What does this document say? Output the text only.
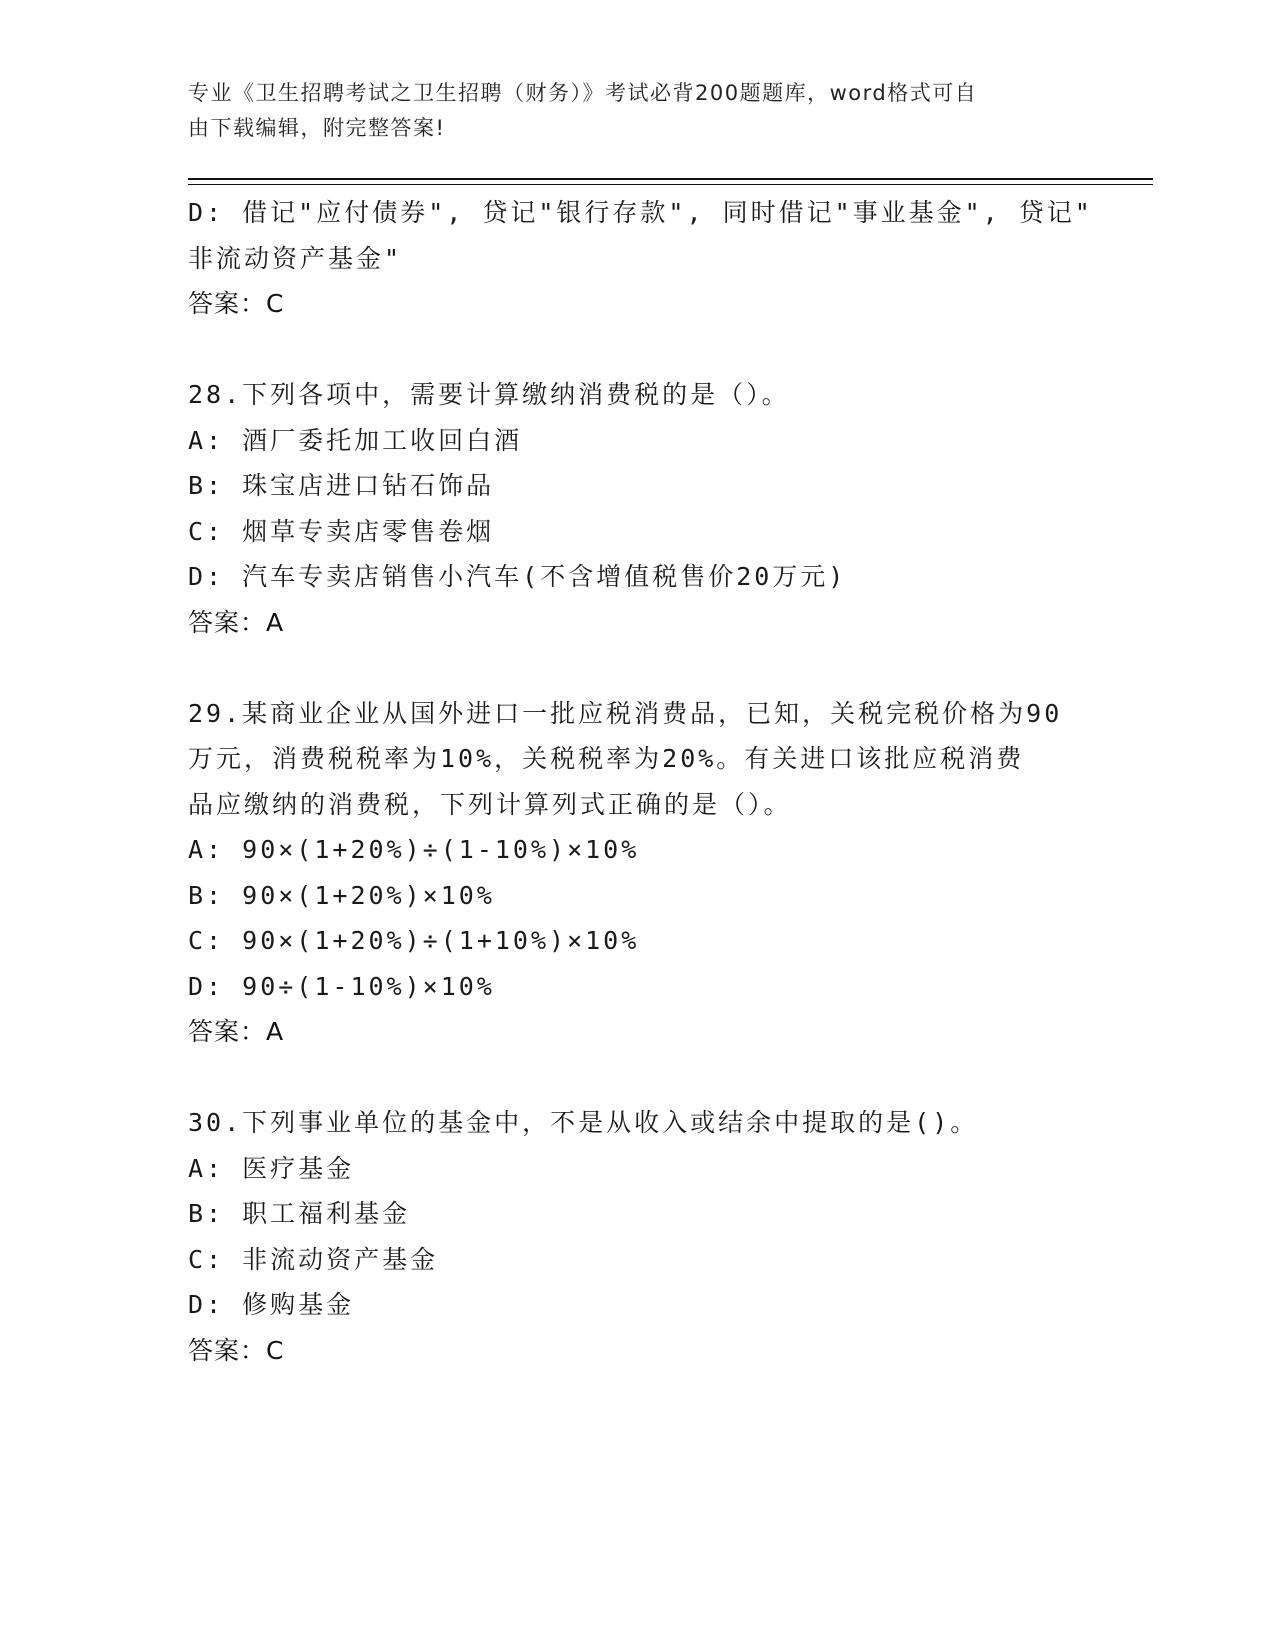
专业《卫生招聘考试之卫生招聘（财务）》考试必背200题题库，word格式可自
由下载编辑，附完整答案!
D: 借记"应付债券", 贷记"银行存款", 同时借记"事业基金", 贷记"
非流动资产基金"
答案：C
28.下列各项中，需要计算缴纳消费税的是（）。
A: 酒厂委托加工收回白酒
B: 珠宝店进口钻石饰品
C: 烟草专卖店零售卷烟
D: 汽车专卖店销售小汽车(不含增值税售价20万元)
答案：A
29.某商业企业从国外进口一批应税消费品，已知，关税完税价格为90
万元，消费税税率为10%，关税税率为20%。有关进口该批应税消费
品应缴纳的消费税，下列计算列式正确的是（）。
A: 90×(1+20%)÷(1-10%)×10%
B: 90×(1+20%)×10%
C: 90×(1+20%)÷(1+10%)×10%
D: 90÷(1-10%)×10%
答案：A
30.下列事业单位的基金中，不是从收入或结余中提取的是()。
A: 医疗基金
B: 职工福利基金
C: 非流动资产基金
D: 修购基金
答案：C
